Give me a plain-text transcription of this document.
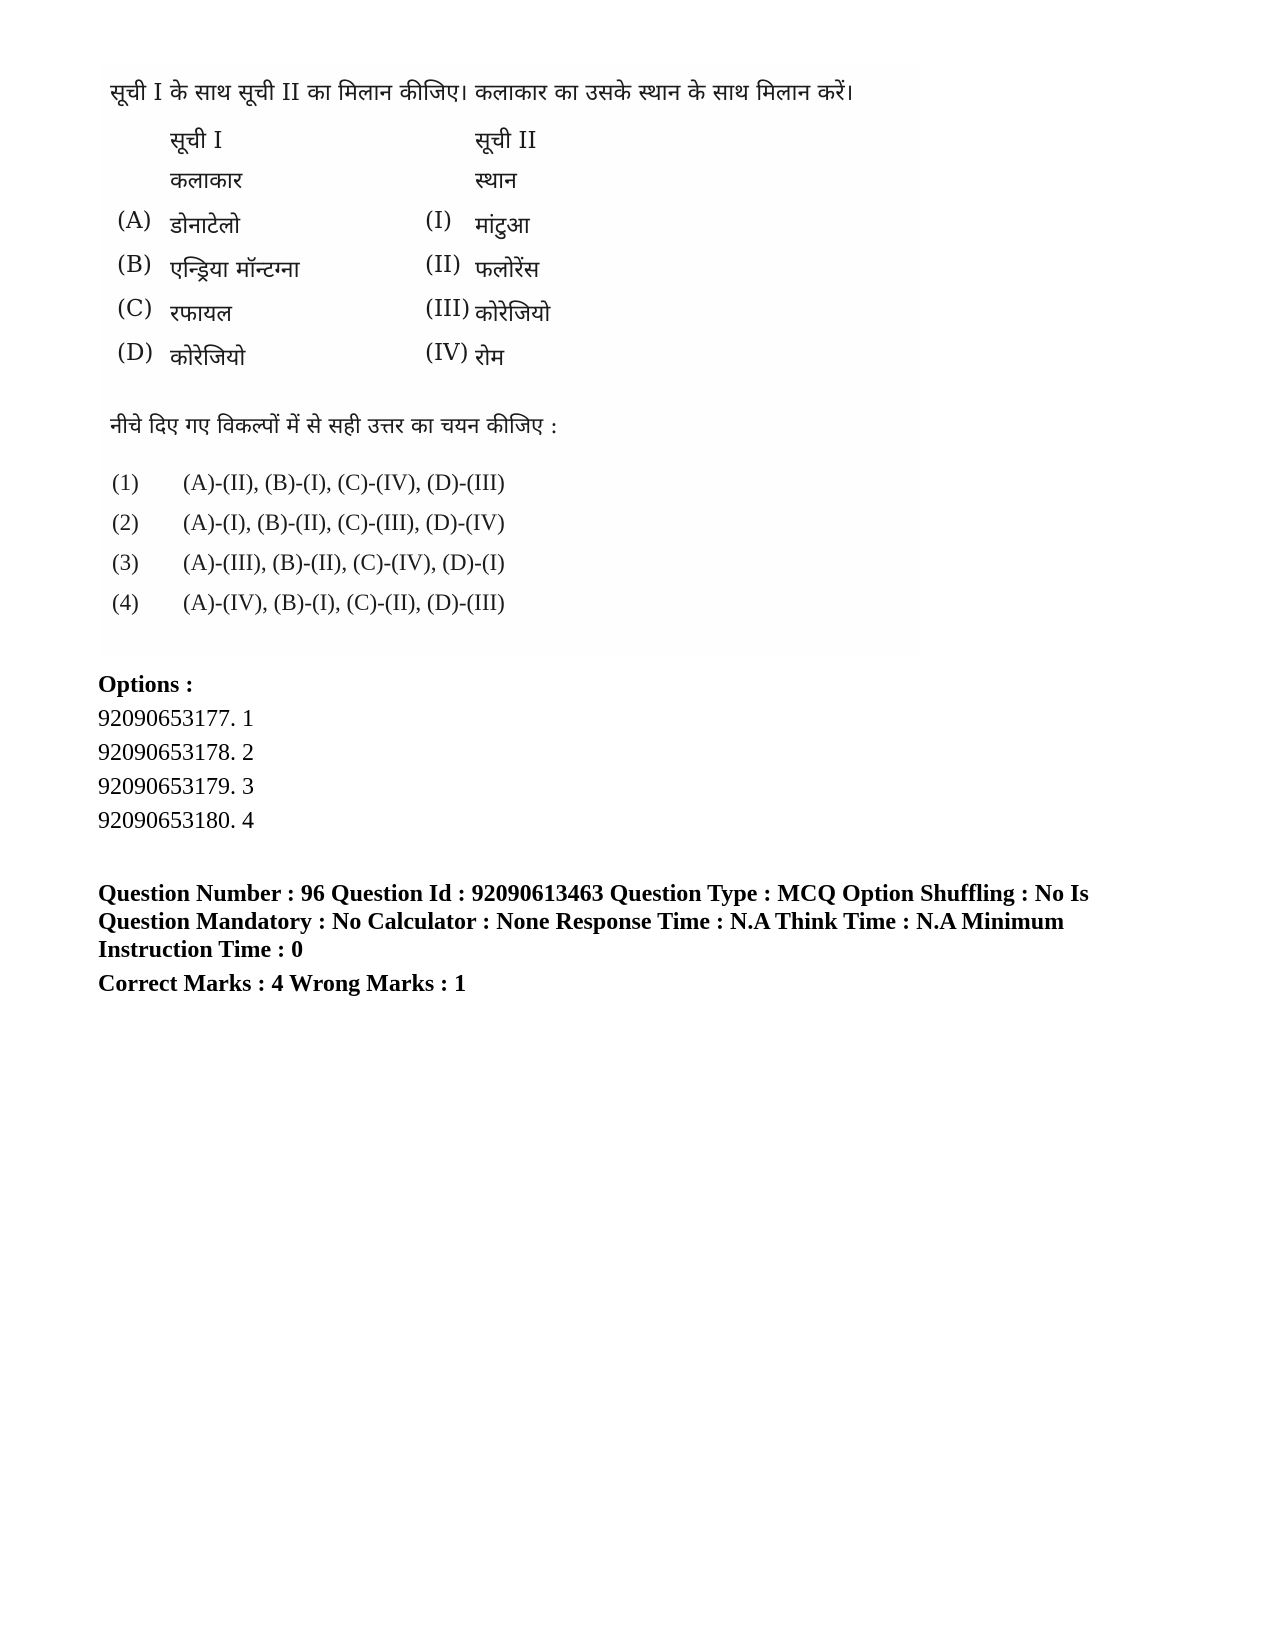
सूची I के साथ सूची II का मिलान कीजिए। कलाकार का उसके स्थान के साथ मिलान करें।
सूची I
कलाकार
सूची II
स्थान
(A) डोनाटेलो
(B) एन्ड्रिया मॉन्टग्ना
(C) रफायल
(D) कोरेजियो
(I) मांटुआ
(II) फलोरेंस
(III) कोरेजियो
(IV) रोम
नीचे दिए गए विकल्पों में से सही उत्तर का चयन कीजिए :
(1) (A)-(II), (B)-(I), (C)-(IV), (D)-(III)
(2) (A)-(I), (B)-(II), (C)-(III), (D)-(IV)
(3) (A)-(III), (B)-(II), (C)-(IV), (D)-(I)
(4) (A)-(IV), (B)-(I), (C)-(II), (D)-(III)
Options :
92090653177. 1
92090653178. 2
92090653179. 3
92090653180. 4
Question Number : 96 Question Id : 92090613463 Question Type : MCQ Option Shuffling : No Is Question Mandatory : No Calculator : None Response Time : N.A Think Time : N.A Minimum Instruction Time : 0
Correct Marks : 4 Wrong Marks : 1
